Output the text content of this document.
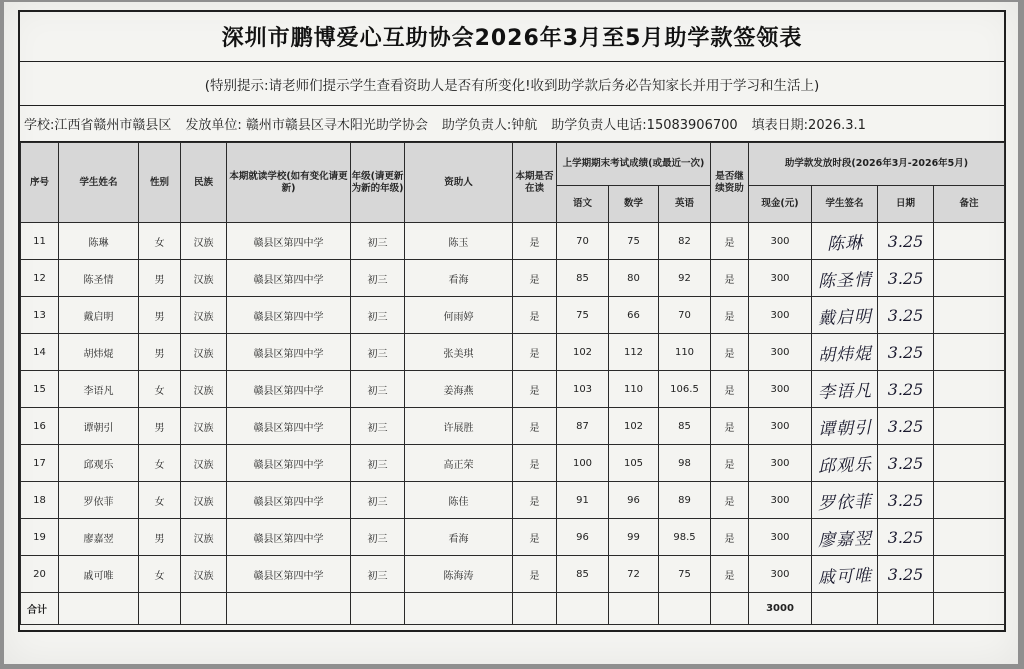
深圳市鹏博爱心互助协会2026年3月至5月助学款签领表
(特别提示:请老师们提示学生查看资助人是否有所变化!收到助学款后务必告知家长并用于学习和生活上)
学校:江西省赣州市赣县区 发放单位: 赣州市赣县区寻木阳光助学协会 助学负责人:钟航 助学负责人电话:15083906700 填表日期:2026.3.1
序号	学生姓名	性别	民族	本期就读学校(如有变化请更新)	年级(请更新为新的年级)	资助人	本期是否在读	上学期期末考试成绩(或最近一次)			是否继续资助	助学款发放时段(2026年3月-2026年5月)			
								语文	数学	英语		现金(元)	学生签名	日期	备注
11	陈琳	女	汉族	赣县区第四中学	初三	陈玉	是	70	75	82	是	300	陈琳	3.25	
12	陈圣情	男	汉族	赣县区第四中学	初三	看海	是	85	80	92	是	300	陈圣情	3.25	
13	戴启明	男	汉族	赣县区第四中学	初三	何雨婷	是	75	66	70	是	300	戴启明	3.25	
14	胡炜焜	男	汉族	赣县区第四中学	初三	张美琪	是	102	112	110	是	300	胡炜焜	3.25	
15	李语凡	女	汉族	赣县区第四中学	初三	姜海燕	是	103	110	106.5	是	300	李语凡	3.25	
16	谭朝引	男	汉族	赣县区第四中学	初三	许展胜	是	87	102	85	是	300	谭朝引	3.25	
17	邱观乐	女	汉族	赣县区第四中学	初三	高正荣	是	100	105	98	是	300	邱观乐	3.25	
18	罗依菲	女	汉族	赣县区第四中学	初三	陈佳	是	91	96	89	是	300	罗依菲	3.25	
19	廖嘉翌	男	汉族	赣县区第四中学	初三	看海	是	96	99	98.5	是	300	廖嘉翌	3.25	
20	戚可唯	女	汉族	赣县区第四中学	初三	陈海涛	是	85	72	75	是	300	戚可唯	3.25	
合计												3000			
